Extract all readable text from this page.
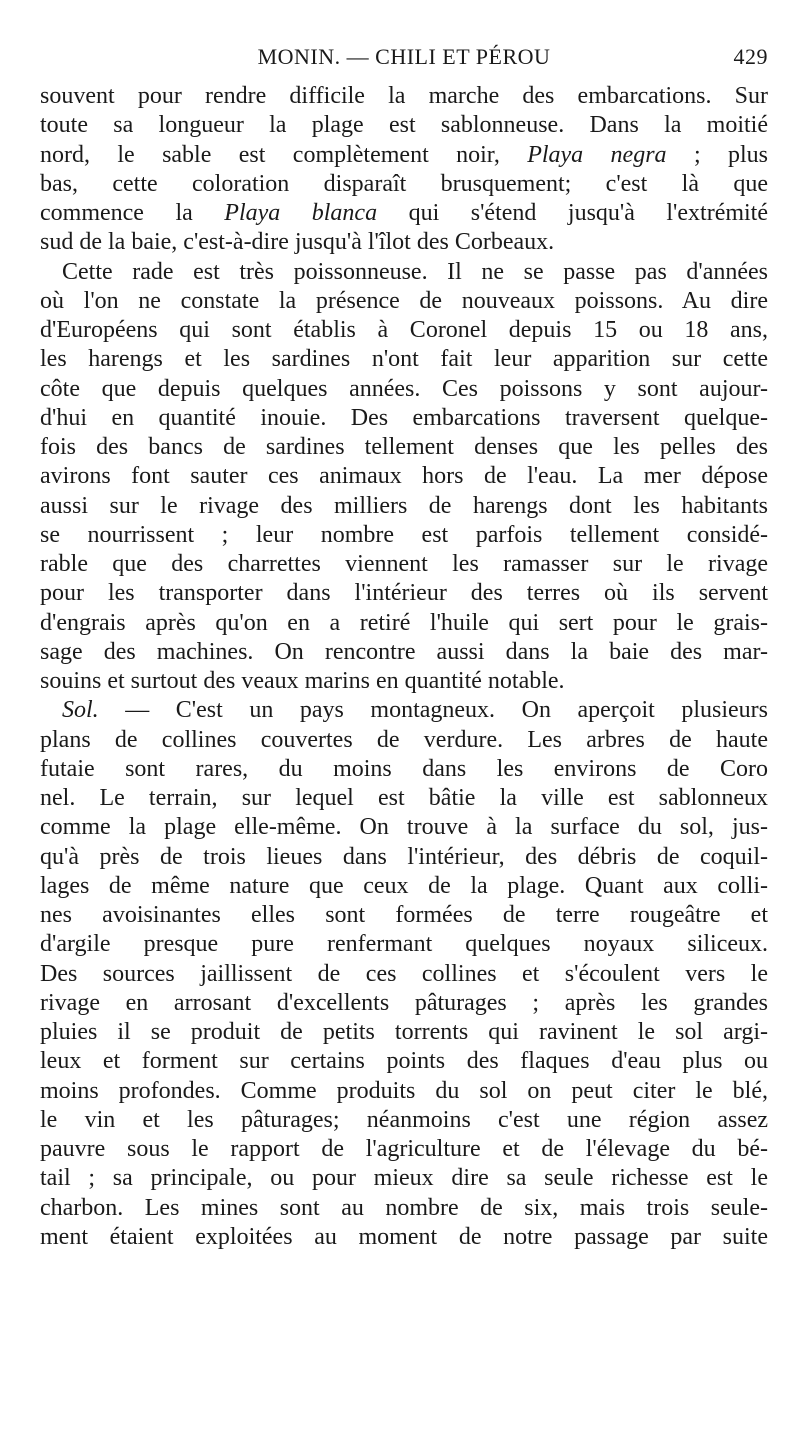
MONIN. — CHILI ET PÉROU	429
souvent pour rendre difficile la marche des embarcations. Sur
toute sa longueur la plage est sablonneuse. Dans la moitié
nord, le sable est complètement noir, Playa negra ; plus
bas, cette coloration disparaît brusquement; c'est là que
commence la Playa blanca qui s'étend jusqu'à l'extrémité
sud de la baie, c'est-à-dire jusqu'à l'îlot des Corbeaux.
Cette rade est très poissonneuse. Il ne se passe pas d'années
où l'on ne constate la présence de nouveaux poissons. Au dire
d'Européens qui sont établis à Coronel depuis 15 ou 18 ans,
les harengs et les sardines n'ont fait leur apparition sur cette
côte que depuis quelques années. Ces poissons y sont aujour-
d'hui en quantité inouie. Des embarcations traversent quelque-
fois des bancs de sardines tellement denses que les pelles des
avirons font sauter ces animaux hors de l'eau. La mer dépose
aussi sur le rivage des milliers de harengs dont les habitants
se nourrissent ; leur nombre est parfois tellement considé-
rable que des charrettes viennent les ramasser sur le rivage
pour les transporter dans l'intérieur des terres où ils servent
d'engrais après qu'on en a retiré l'huile qui sert pour le grais-
sage des machines. On rencontre aussi dans la baie des mar-
souins et surtout des veaux marins en quantité notable.
Sol. — C'est un pays montagneux. On aperçoit plusieurs
plans de collines couvertes de verdure. Les arbres de haute
futaie sont rares, du moins dans les environs de Coro
nel. Le terrain, sur lequel est bâtie la ville est sablonneux
comme la plage elle-même. On trouve à la surface du sol, jus-
qu'à près de trois lieues dans l'intérieur, des débris de coquil-
lages de même nature que ceux de la plage. Quant aux colli-
nes avoisinantes elles sont formées de terre rougeâtre et
d'argile presque pure renfermant quelques noyaux siliceux.
Des sources jaillissent de ces collines et s'écoulent vers le
rivage en arrosant d'excellents pâturages ; après les grandes
pluies il se produit de petits torrents qui ravinent le sol argi-
leux et forment sur certains points des flaques d'eau plus ou
moins profondes. Comme produits du sol on peut citer le blé,
le vin et les pâturages; néanmoins c'est une région assez
pauvre sous le rapport de l'agriculture et de l'élevage du bé-
tail ; sa principale, ou pour mieux dire sa seule richesse est le
charbon. Les mines sont au nombre de six, mais trois seule-
ment étaient exploitées au moment de notre passage par suite
